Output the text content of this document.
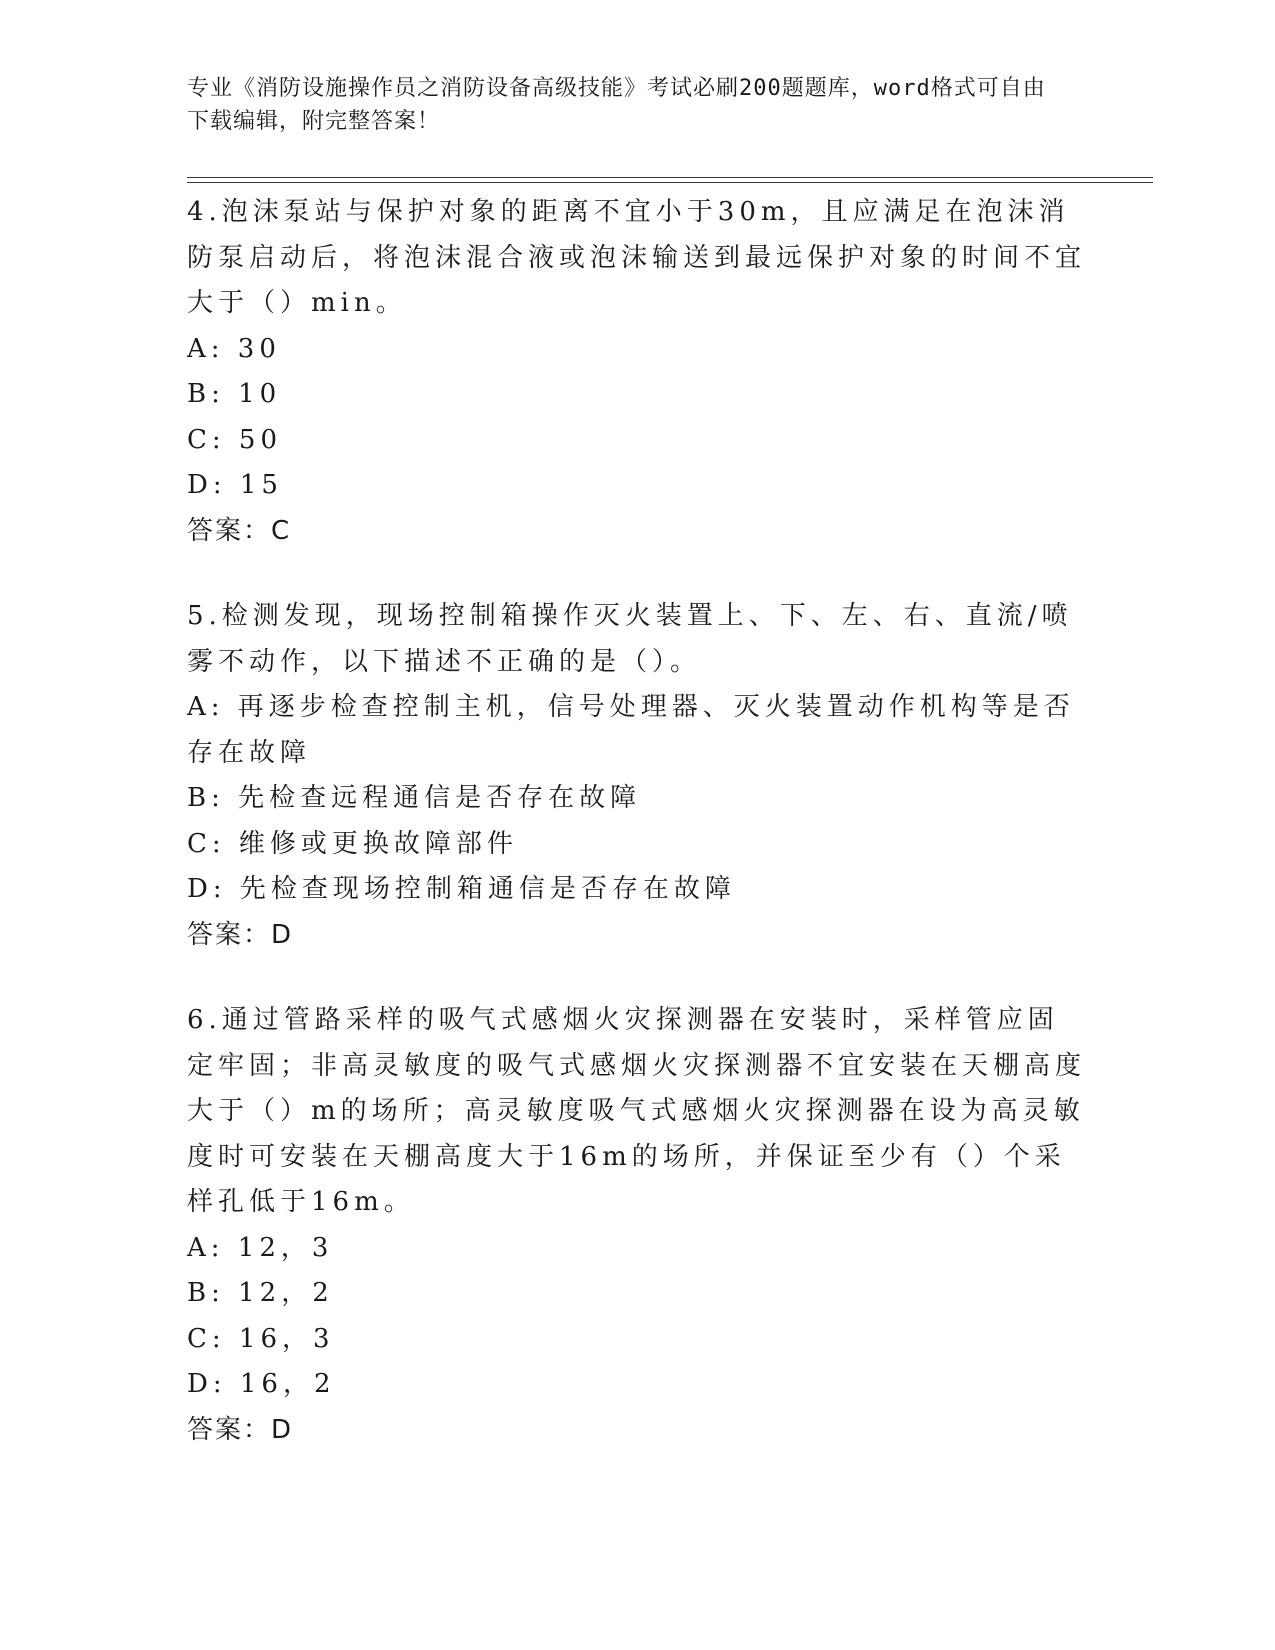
专业《消防设施操作员之消防设备高级技能》考试必刷200题题库，word格式可自由下载编辑，附完整答案！

4.泡沫泵站与保护对象的距离不宜小于30m，且应满足在泡沫消防泵启动后，将泡沫混合液或泡沫输送到最远保护对象的时间不宜大于（）min。

A: 30

B: 10

C: 50

D: 15

答案：C

5.检测发现，现场控制箱操作灭火装置上、下、左、右、直流/喷雾不动作，以下描述不正确的是（）。

A: 再逐步检查控制主机，信号处理器、灭火装置动作机构等是否存在故障

B: 先检查远程通信是否存在故障

C: 维修或更换故障部件

D: 先检查现场控制箱通信是否存在故障

答案：D

6.通过管路采样的吸气式感烟火灾探测器在安装时，采样管应固定牢固；非高灵敏度的吸气式感烟火灾探测器不宜安装在天棚高度大于（）m的场所；高灵敏度吸气式感烟火灾探测器在设为高灵敏度时可安装在天棚高度大于16m的场所，并保证至少有（）个采样孔低于16m。

A: 12，3

B: 12，2

C: 16，3

D: 16，2

答案：D
